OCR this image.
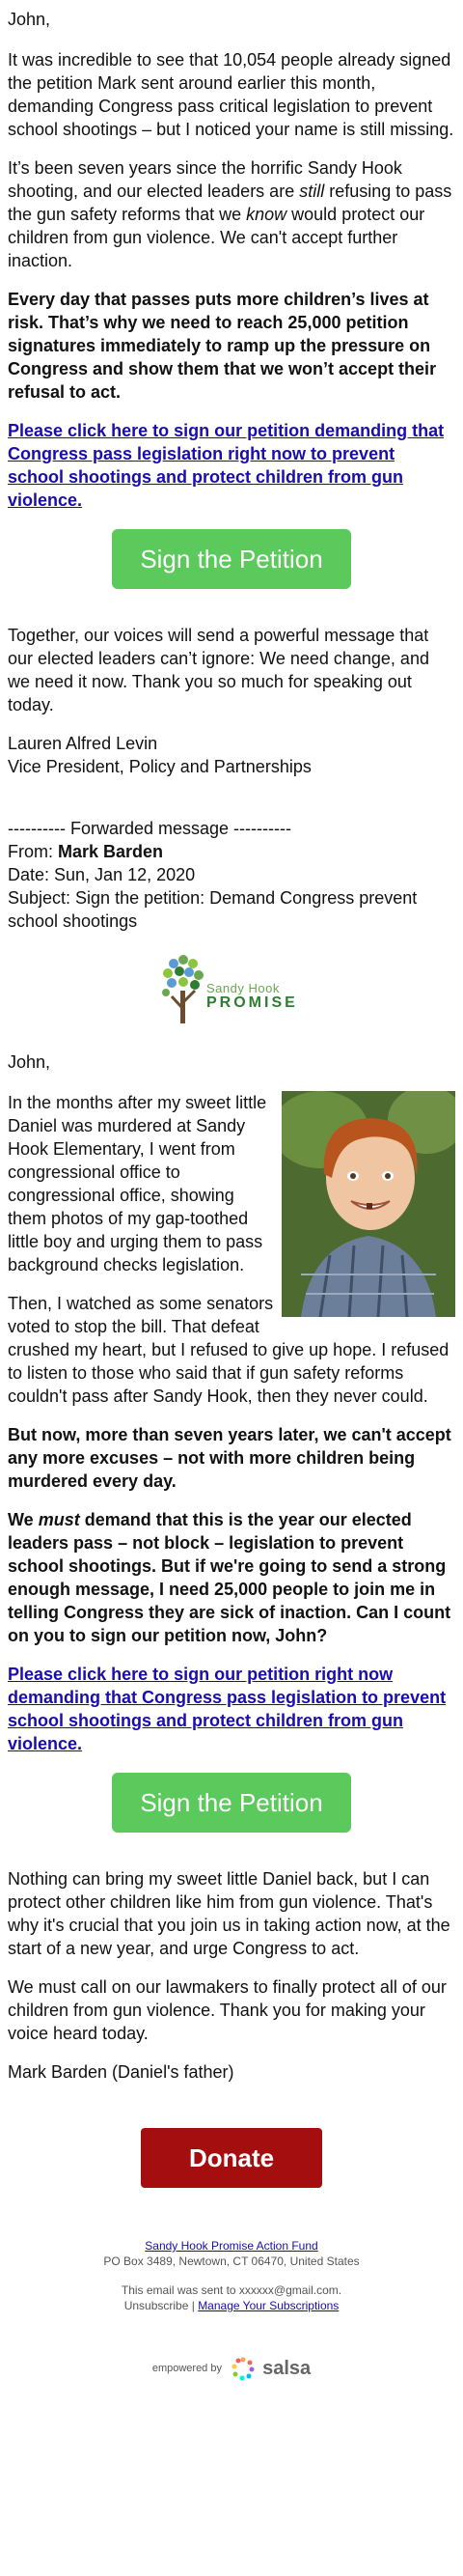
John,

It was incredible to see that 10,054 people already signed the petition Mark sent around earlier this month, demanding Congress pass critical legislation to prevent school shootings – but I noticed your name is still missing.

It’s been seven years since the horrific Sandy Hook shooting, and our elected leaders are still refusing to pass the gun safety reforms that we know would protect our children from gun violence. We can't accept further inaction.

Every day that passes puts more children’s lives at risk. That’s why we need to reach 25,000 petition signatures immediately to ramp up the pressure on Congress and show them that we won’t accept their refusal to act.

Please click here to sign our petition demanding that Congress pass legislation right now to prevent school shootings and protect children from gun violence.
Sign the Petition

Together, our voices will send a powerful message that our elected leaders can’t ignore: We need change, and we need it now. Thank you so much for speaking out today.

Lauren Alfred Levin
Vice President, Policy and Partnerships

---------- Forwarded message ----------
From: Mark Barden
Date: Sun, Jan 12, 2020
Subject: Sign the petition: Demand Congress prevent school shootings

Sandy Hook
PROMISE

John,

In the months after my sweet little Daniel was murdered at Sandy Hook Elementary, I went from congressional office to congressional office, showing them photos of my gap-toothed little boy and urging them to pass background checks legislation.

Then, I watched as some senators voted to stop the bill. That defeat crushed my heart, but I refused to give up hope. I refused to listen to those who said that if gun safety reforms couldn't pass after Sandy Hook, then they never could.

But now, more than seven years later, we can't accept any more excuses – not with more children being murdered every day.

We must demand that this is the year our elected leaders pass – not block – legislation to prevent school shootings. But if we're going to send a strong enough message, I need 25,000 people to join me in telling Congress they are sick of inaction. Can I count on you to sign our petition now, John?

Please click here to sign our petition right now demanding that Congress pass legislation to prevent school shootings and protect children from gun violence.
Sign the Petition

Nothing can bring my sweet little Daniel back, but I can protect other children like him from gun violence. That's why it's crucial that you join us in taking action now, at the start of a new year, and urge Congress to act.

We must call on our lawmakers to finally protect all of our children from gun violence. Thank you for making your voice heard today.

Mark Barden (Daniel's father)

Donate
Sandy Hook Promise Action Fund
PO Box 3489, Newtown, CT 06470, United States
This email was sent to xxxxxx@gmail.com.
Unsubscribe | Manage Your Subscriptions
empowered by salsa
